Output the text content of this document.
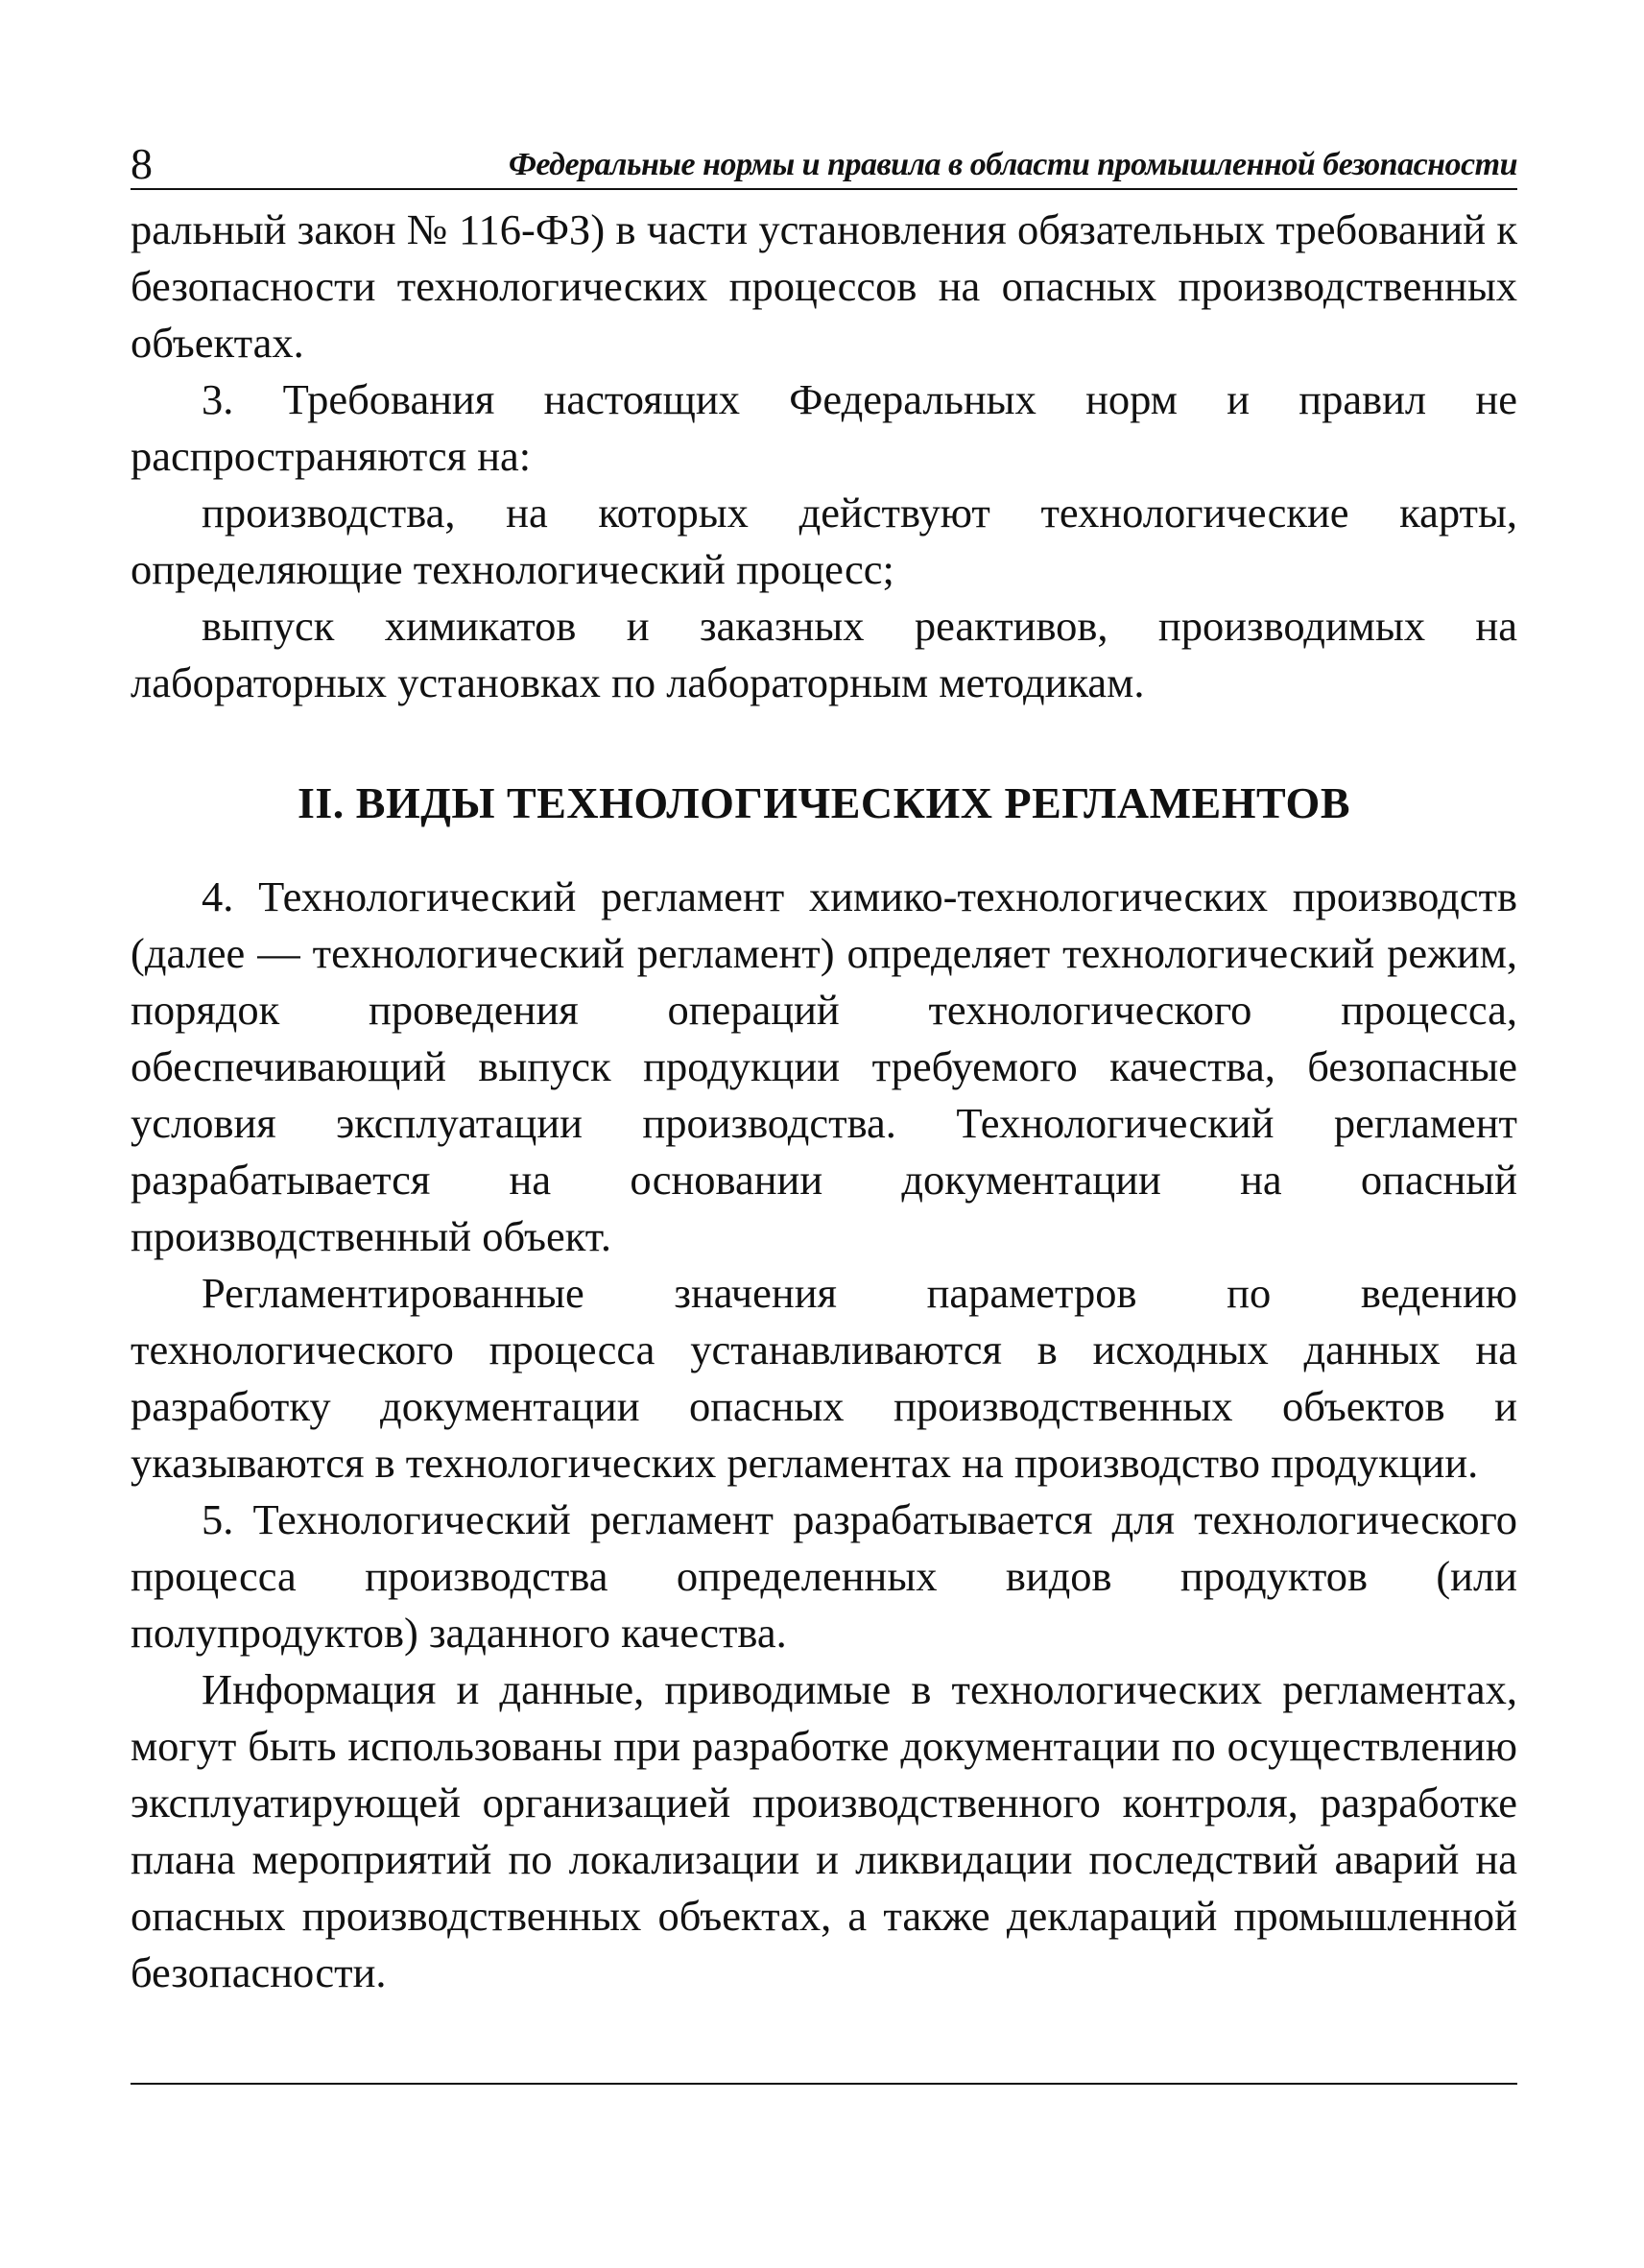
8	Федеральные нормы и правила в области промышленной безопасности

ральный закон № 116-ФЗ) в части установления обязательных требований к безопасности технологических процессов на опасных производственных объектах.

3. Требования настоящих Федеральных норм и правил не распространяются на:

производства, на которых действуют технологические карты, определяющие технологический процесс;

выпуск химикатов и заказных реактивов, производимых на лабораторных установках по лабораторным методикам.

II. ВИДЫ ТЕХНОЛОГИЧЕСКИХ РЕГЛАМЕНТОВ

4. Технологический регламент химико-технологических производств (далее — технологический регламент) определяет технологический режим, порядок проведения операций технологического процесса, обеспечивающий выпуск продукции требуемого качества, безопасные условия эксплуатации производства. Технологический регламент разрабатывается на основании документации на опасный производственный объект.

Регламентированные значения параметров по ведению технологического процесса устанавливаются в исходных данных на разработку документации опасных производственных объектов и указываются в технологических регламентах на производство продукции.

5. Технологический регламент разрабатывается для технологического процесса производства определенных видов продуктов (или полупродуктов) заданного качества.

Информация и данные, приводимые в технологических регламентах, могут быть использованы при разработке документации по осуществлению эксплуатирующей организацией производственного контроля, разработке плана мероприятий по локализации и ликвидации последствий аварий на опасных производственных объектах, а также деклараций промышленной безопасности.
